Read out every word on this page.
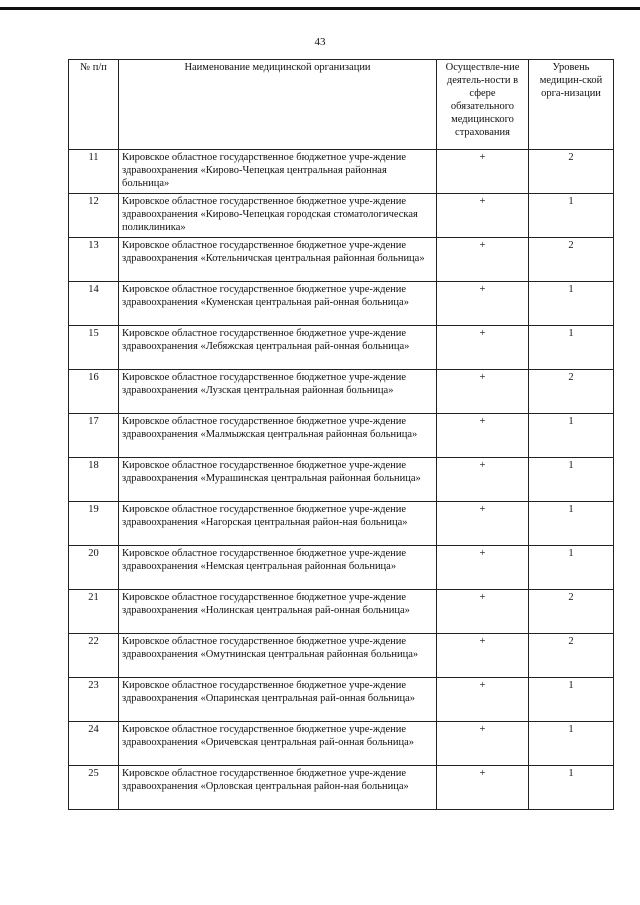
43
№ п/п	Наименование медицинской организации	Осуществле-ние деятель-ности в сфере обязательного медицинского страхования	Уровень медицин-ской орга-низации
11	Кировское областное государственное бюджетное учре-ждение здравоохранения «Кирово-Чепецкая центральная районная больница»	+	2
12	Кировское областное государственное бюджетное учре-ждение здравоохранения «Кирово-Чепецкая городская стоматологическая поликлиника»	+	1
13	Кировское областное государственное бюджетное учре-ждение здравоохранения «Котельничская центральная районная больница»	+	2
14	Кировское областное государственное бюджетное учре-ждение здравоохранения «Куменская центральная рай-онная больница»	+	1
15	Кировское областное государственное бюджетное учре-ждение здравоохранения «Лебяжская центральная рай-онная больница»	+	1
16	Кировское областное государственное бюджетное учре-ждение здравоохранения «Лузская центральная районная больница»	+	2
17	Кировское областное государственное бюджетное учре-ждение здравоохранения «Малмыжская центральная районная больница»	+	1
18	Кировское областное государственное бюджетное учре-ждение здравоохранения «Мурашинская центральная районная больница»	+	1
19	Кировское областное государственное бюджетное учре-ждение здравоохранения «Нагорская центральная район-ная больница»	+	1
20	Кировское областное государственное бюджетное учре-ждение здравоохранения «Немская центральная районная больница»	+	1
21	Кировское областное государственное бюджетное учре-ждение здравоохранения «Нолинская центральная рай-онная больница»	+	2
22	Кировское областное государственное бюджетное учре-ждение здравоохранения «Омутнинская центральная районная больница»	+	2
23	Кировское областное государственное бюджетное учре-ждение здравоохранения «Опаринская центральная рай-онная больница»	+	1
24	Кировское областное государственное бюджетное учре-ждение здравоохранения «Оричевская центральная рай-онная больница»	+	1
25	Кировское областное государственное бюджетное учре-ждение здравоохранения «Орловская центральная район-ная больница»	+	1
